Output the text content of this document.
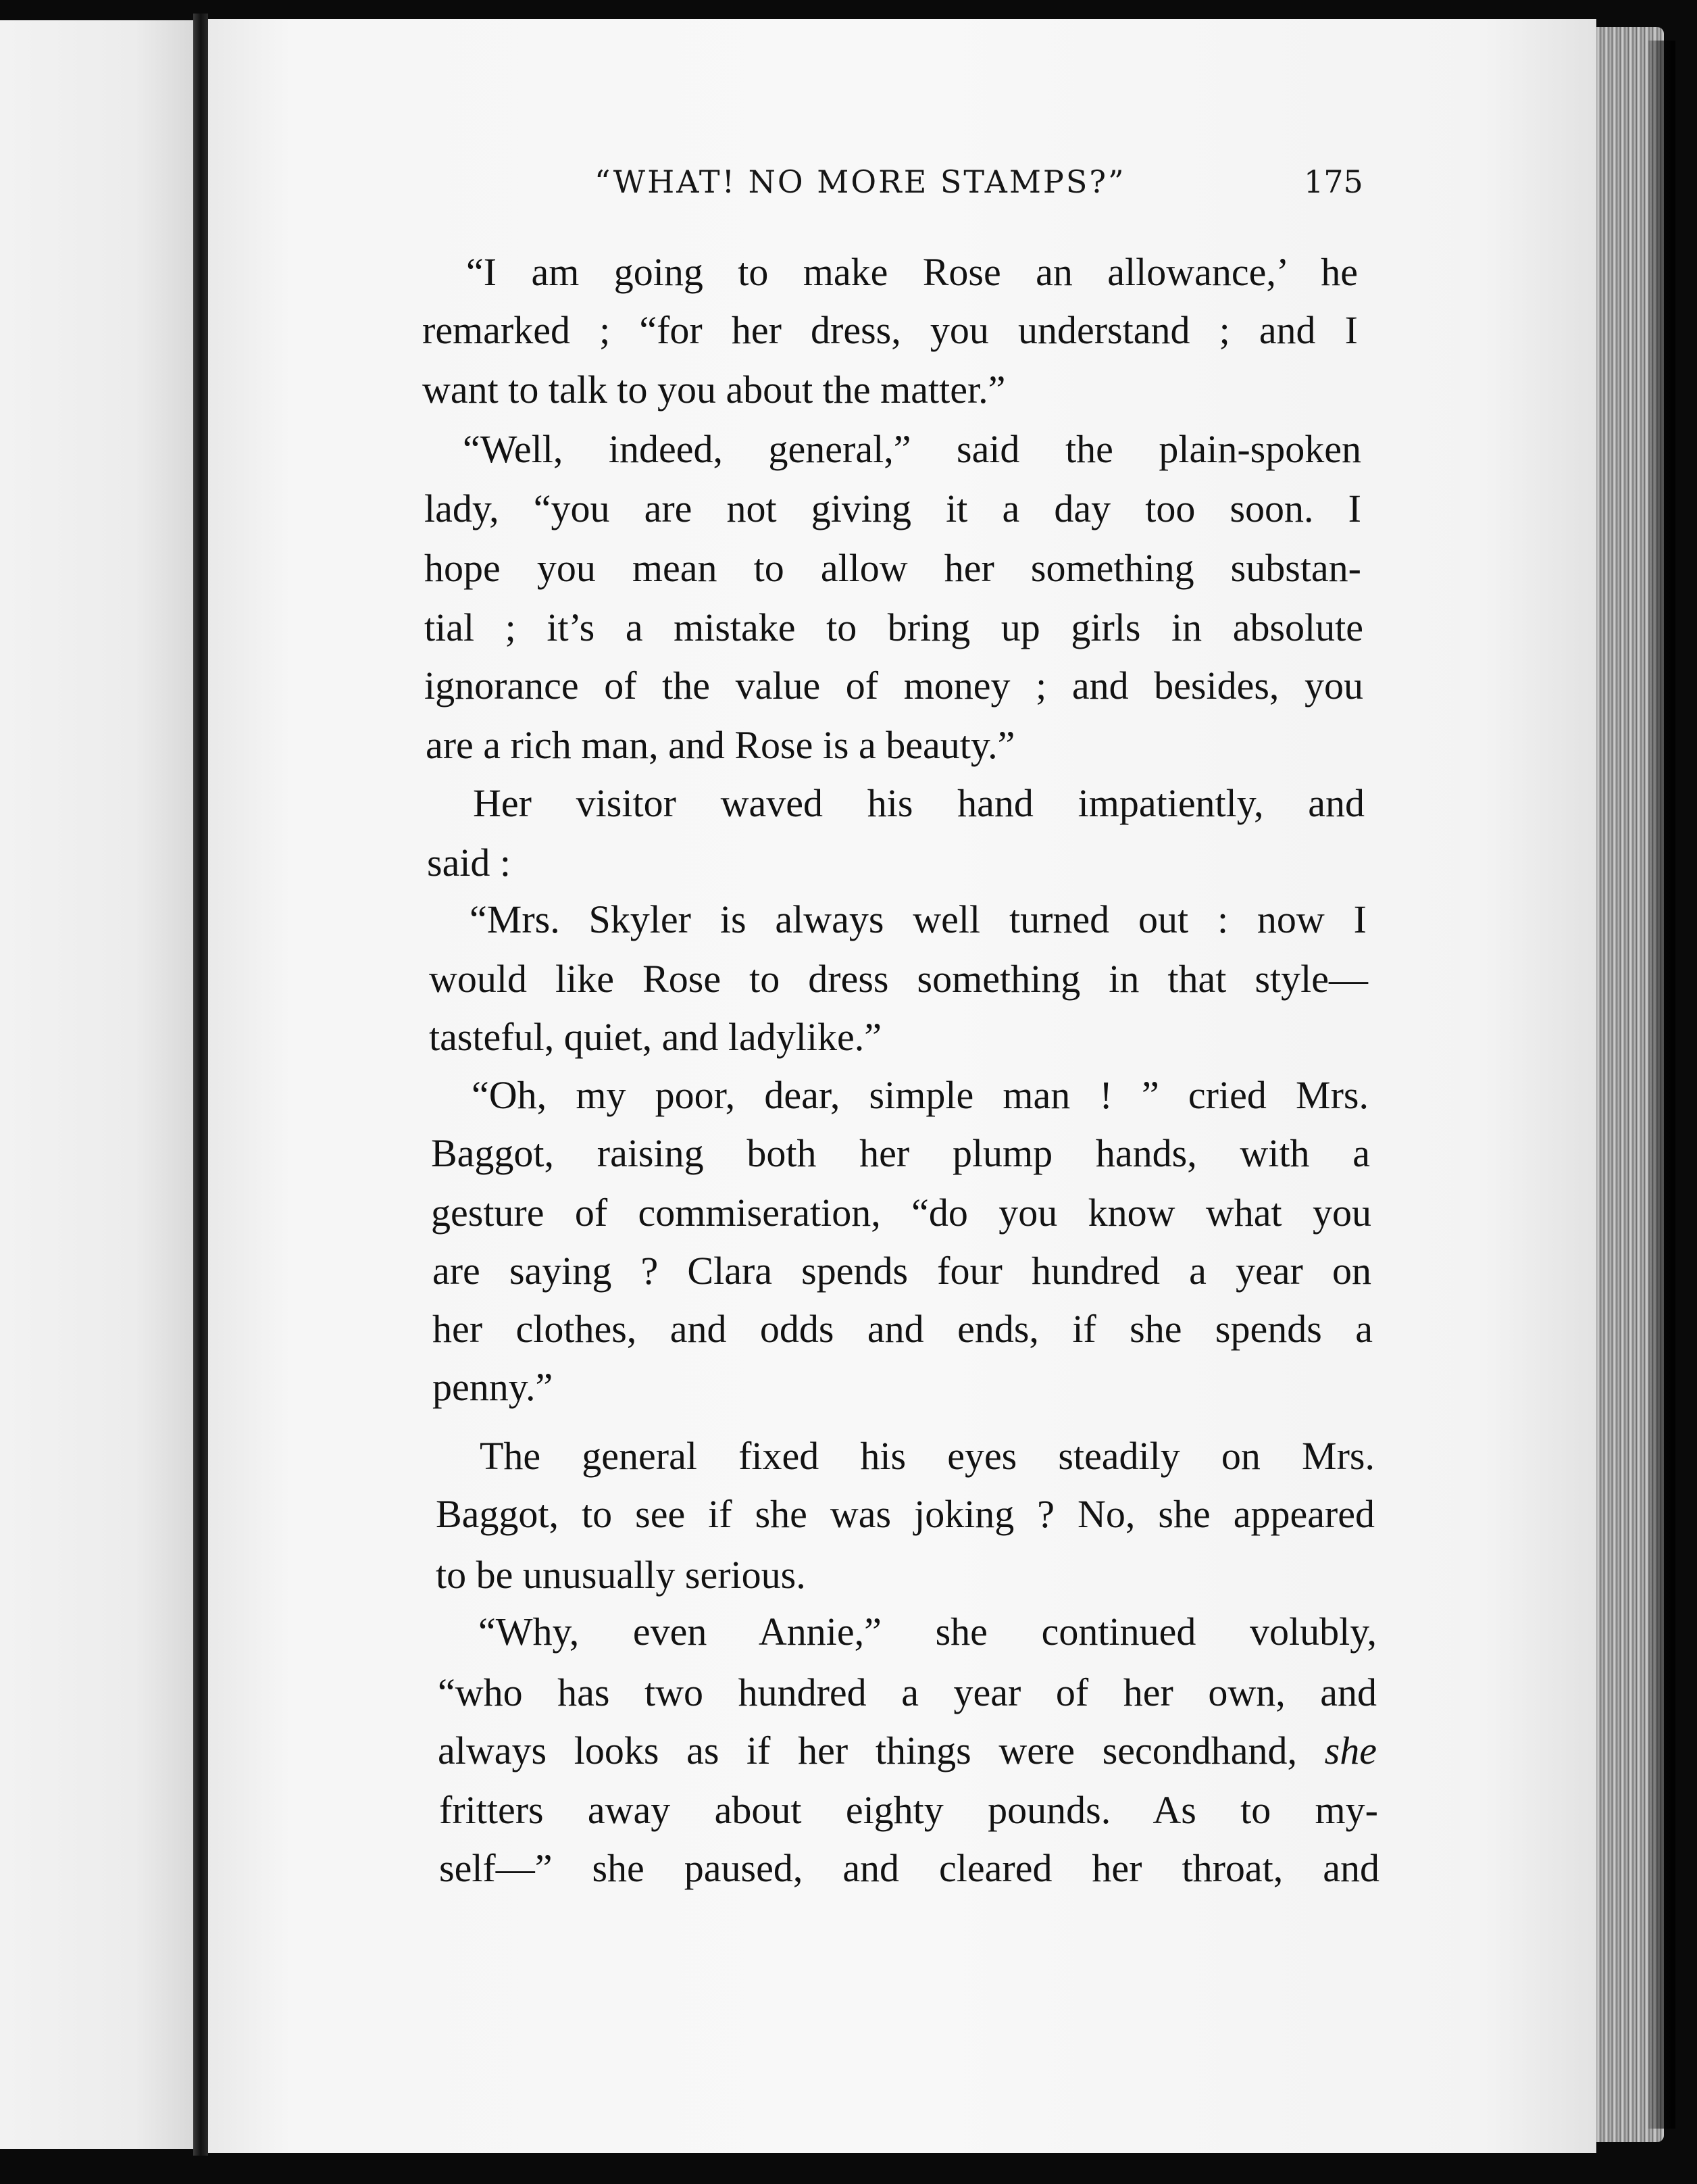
“WHAT! NO MORE STAMPS?”	175
“I am going to make Rose an allowance,’ he
remarked ; “for her dress, you understand ; and I
want to talk to you about the matter.”
“Well, indeed, general,” said the plain-spoken
lady, “you are not giving it a day too soon. I
hope you mean to allow her something substan-
tial ; it’s a mistake to bring up girls in absolute
ignorance of the value of money ; and besides, you
are a rich man, and Rose is a beauty.”
Her visitor waved his hand impatiently, and
said :
“Mrs. Skyler is always well turned out : now I
would like Rose to dress something in that style—
tasteful, quiet, and ladylike.”
“Oh, my poor, dear, simple man ! ” cried Mrs.
Baggot, raising both her plump hands, with a
gesture of commiseration, “do you know what you
are saying ? Clara spends four hundred a year on
her clothes, and odds and ends, if she spends a
penny.”
The general fixed his eyes steadily on Mrs.
Baggot, to see if she was joking ? No, she appeared
to be unusually serious.
“Why, even Annie,” she continued volubly,
“who has two hundred a year of her own, and
always looks as if her things were secondhand, she
fritters away about eighty pounds. As to my-
self—” she paused, and cleared her throat, and
